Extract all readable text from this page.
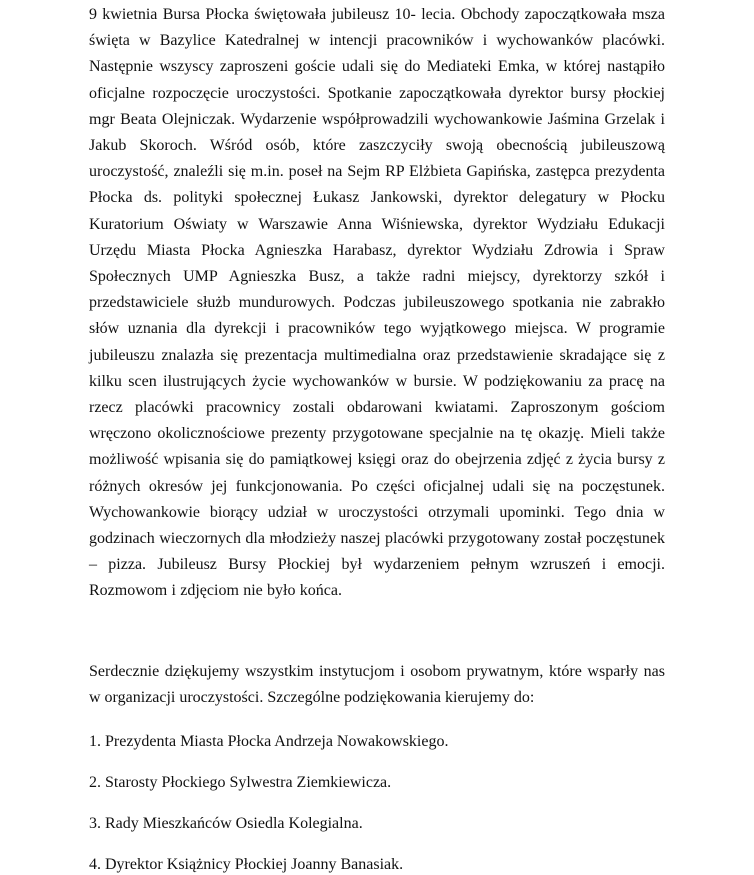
9 kwietnia Bursa Płocka świętowała jubileusz 10- lecia. Obchody zapoczątkowała msza święta w Bazylice Katedralnej w intencji pracowników i wychowanków placówki. Następnie wszyscy zaproszeni goście udali się do Mediateki Emka, w której nastąpiło oficjalne rozpoczęcie uroczystości. Spotkanie zapoczątkowała dyrektor bursy płockiej mgr Beata Olejniczak. Wydarzenie współprowadzili wychowankowie Jaśmina Grzelak i Jakub Skoroch. Wśród osób, które zaszczyciły swoją obecnością jubileuszową uroczystość, znaleźli się m.in. poseł na Sejm RP Elżbieta Gapińska, zastępca prezydenta Płocka ds. polityki społecznej Łukasz Jankowski, dyrektor delegatury w Płocku Kuratorium Oświaty w Warszawie Anna Wiśniewska, dyrektor Wydziału Edukacji Urzędu Miasta Płocka Agnieszka Harabasz, dyrektor Wydziału Zdrowia i Spraw Społecznych UMP Agnieszka Busz, a także radni miejscy, dyrektorzy szkół i przedstawiciele służb mundurowych. Podczas jubileuszowego spotkania nie zabrakło słów uznania dla dyrekcji i pracowników tego wyjątkowego miejsca. W programie jubileuszu znalazła się prezentacja multimedialna oraz przedstawienie skradające się z kilku scen ilustrujących życie wychowanków w bursie. W podziękowaniu za pracę na rzecz placówki pracownicy zostali obdarowani kwiatami. Zaproszonym gościom wręczono okolicznościowe prezenty przygotowane specjalnie na tę okazję. Mieli także możliwość wpisania się do pamiątkowej księgi oraz do obejrzenia zdjęć z życia bursy z różnych okresów jej funkcjonowania. Po części oficjalnej udali się na poczęstunek. Wychowankowie biorący udział w uroczystości otrzymali upominki. Tego dnia w godzinach wieczornych dla młodzieży naszej placówki przygotowany został poczęstunek – pizza. Jubileusz Bursy Płockiej był wydarzeniem pełnym wzruszeń i emocji. Rozmowom i zdjęciom nie było końca.

Serdecznie dziękujemy wszystkim instytucjom i osobom prywatnym, które wsparły nas w organizacji uroczystości. Szczególne podziękowania kierujemy do:

1. Prezydenta Miasta Płocka Andrzeja Nowakowskiego.
2. Starosty Płockiego Sylwestra Ziemkiewicza.
3. Rady Mieszkańców Osiedla Kolegialna.
4. Dyrektor Książnicy Płockiej Joanny Banasiak.
